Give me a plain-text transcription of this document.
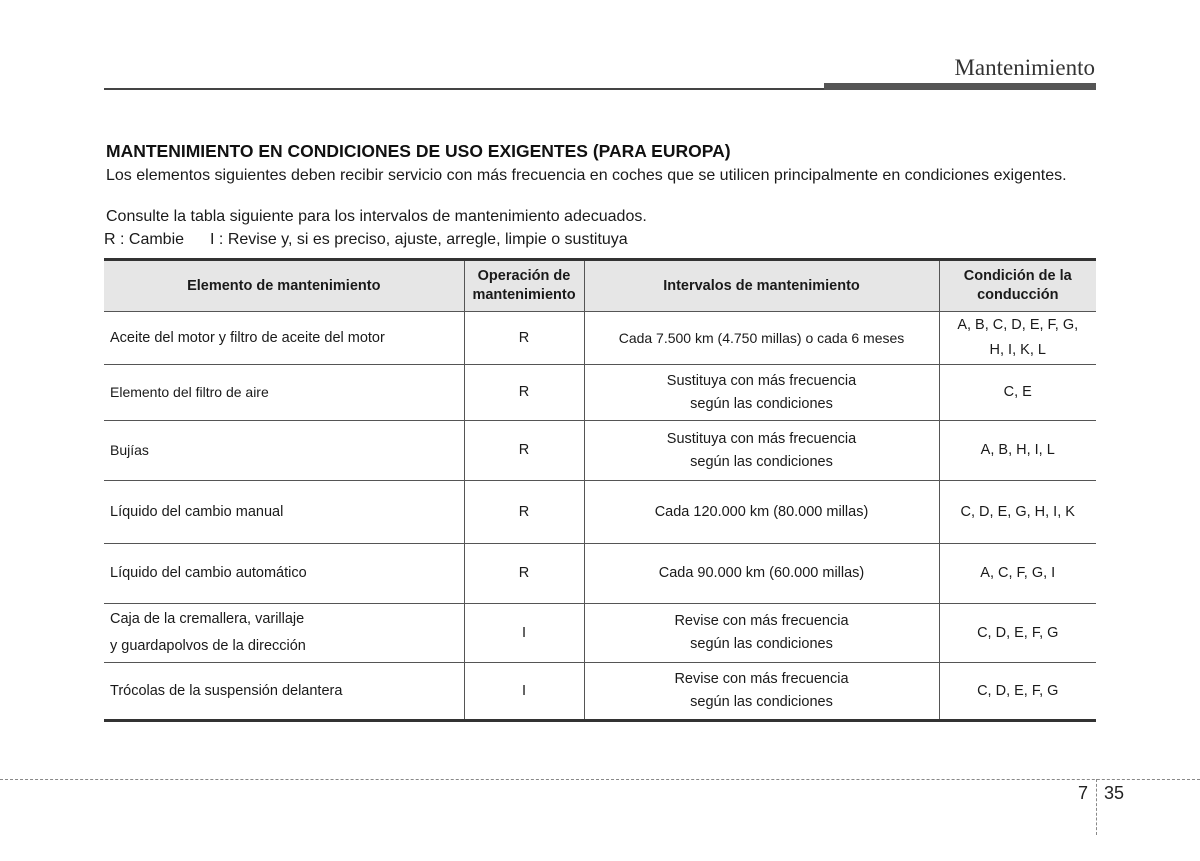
Mantenimiento
MANTENIMIENTO EN CONDICIONES DE USO EXIGENTES (PARA EUROPA)
Los elementos siguientes deben recibir servicio con más frecuencia en coches que se utilicen principalmente en condiciones exigentes.
Consulte la tabla siguiente para los intervalos de mantenimiento adecuados.
R : Cambie I : Revise y, si es preciso, ajuste, arregle, limpie o sustituya
Elemento de mantenimiento	Operación de
mantenimiento	Intervalos de mantenimiento	Condición de la
conducción
Aceite del motor y filtro de aceite del motor	R	Cada 7.500 km (4.750 millas) o cada 6 meses	A, B, C, D, E, F, G,
H, I, K, L
Elemento del filtro de aire	R	Sustituya con más frecuencia
según las condiciones	C, E
Bujías	R	Sustituya con más frecuencia
según las condiciones	A, B, H, I, L
Líquido del cambio manual	R	Cada 120.000 km (80.000 millas)	C, D, E, G, H, I, K
Líquido del cambio automático	R	Cada 90.000 km (60.000 millas)	A, C, F, G, I
Caja de la cremallera, varillaje
y guardapolvos de la dirección	I	Revise con más frecuencia
según las condiciones	C, D, E, F, G
Trócolas de la suspensión delantera	I	Revise con más frecuencia
según las condiciones	C, D, E, F, G
7 35
